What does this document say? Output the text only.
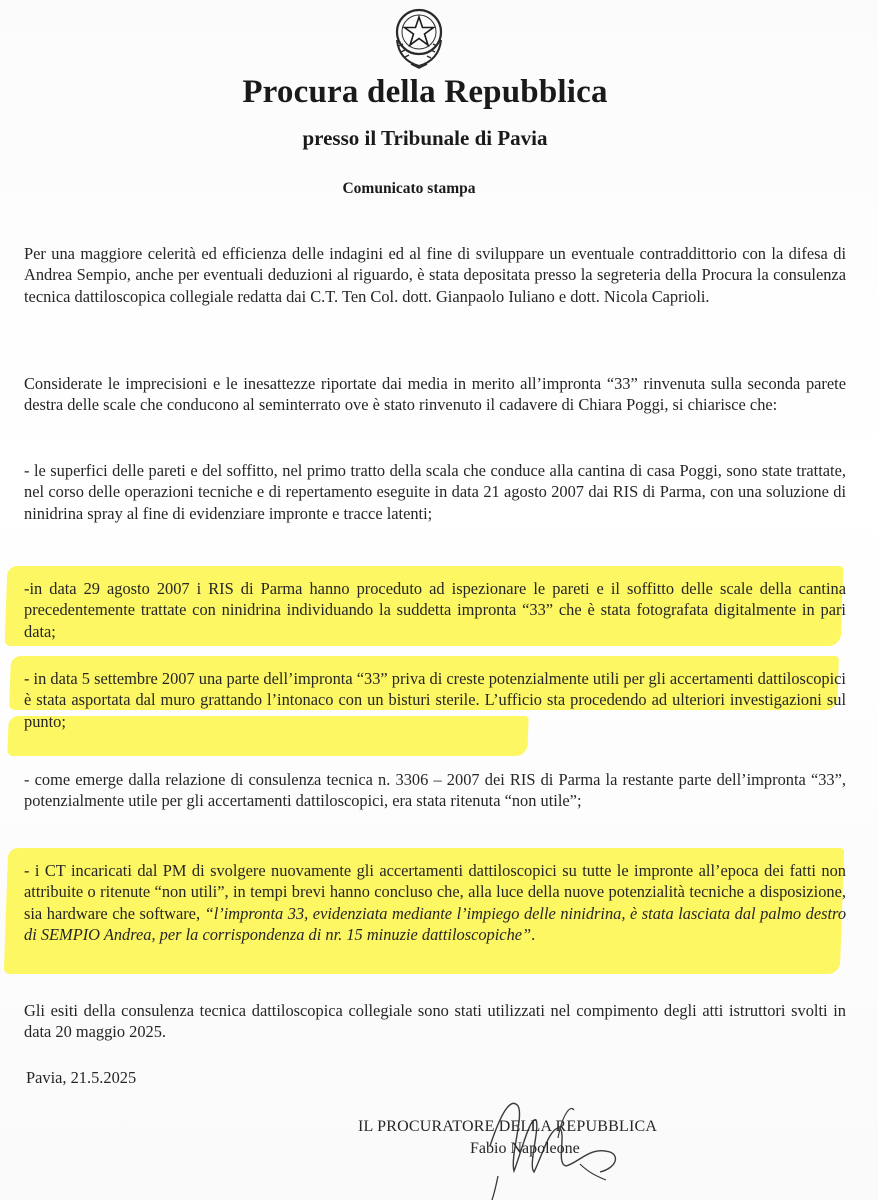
Procura della Repubblica
presso il Tribunale di Pavia
Comunicato stampa
Per una maggiore celerità ed efficienza delle indagini ed al fine di sviluppare un eventuale contraddittorio con la difesa di Andrea Sempio, anche per eventuali deduzioni al riguardo, è stata depositata presso la segreteria della Procura la consulenza tecnica dattiloscopica collegiale redatta dai C.T. Ten Col. dott. Gianpaolo Iuliano e dott. Nicola Caprioli.
Considerate le imprecisioni e le inesattezze riportate dai media in merito all’impronta “33” rinvenuta sulla seconda parete destra delle scale che conducono al seminterrato ove è stato rinvenuto il cadavere di Chiara Poggi, si chiarisce che:
- le superfici delle pareti e del soffitto, nel primo tratto della scala che conduce alla cantina di casa Poggi, sono state trattate, nel corso delle operazioni tecniche e di repertamento eseguite in data 21 agosto 2007 dai RIS di Parma, con una soluzione di ninidrina spray al fine di evidenziare impronte e tracce latenti;
-in data 29 agosto 2007 i RIS di Parma hanno proceduto ad ispezionare le pareti e il soffitto delle scale della cantina precedentemente trattate con ninidrina individuando la suddetta impronta “33” che è stata fotografata digitalmente in pari data;
- in data 5 settembre 2007 una parte dell’impronta “33” priva di creste potenzialmente utili per gli accertamenti dattiloscopici è stata asportata dal muro grattando l’intonaco con un bisturi sterile. L’ufficio sta procedendo ad ulteriori investigazioni sul punto;
- come emerge dalla relazione di consulenza tecnica n. 3306 – 2007 dei RIS di Parma la restante parte dell’impronta “33”, potenzialmente utile per gli accertamenti dattiloscopici, era stata ritenuta “non utile”;
- i CT incaricati dal PM di svolgere nuovamente gli accertamenti dattiloscopici su tutte le impronte all’epoca dei fatti non attribuite o ritenute “non utili”, in tempi brevi hanno concluso che, alla luce della nuove potenzialità tecniche a disposizione, sia hardware che software, “l’impronta 33, evidenziata mediante l’impiego delle ninidrina, è stata lasciata dal palmo destro di SEMPIO Andrea, per la corrispondenza di nr. 15 minuzie dattiloscopiche”.
Gli esiti della consulenza tecnica dattiloscopica collegiale sono stati utilizzati nel compimento degli atti istruttori svolti in data 20 maggio 2025.
Pavia, 21.5.2025
IL PROCURATORE DELLA REPUBBLICA
Fabio Napoleone
